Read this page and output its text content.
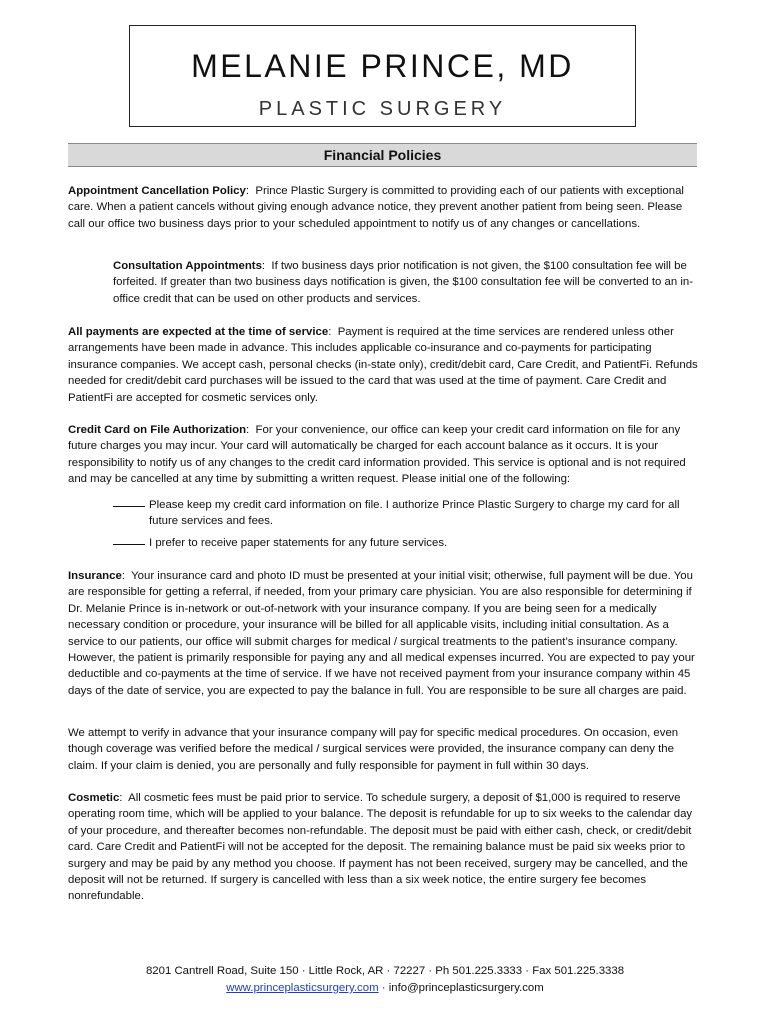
MELANIE PRINCE, MD
PLASTIC SURGERY
Financial Policies

Appointment Cancellation Policy:  Prince Plastic Surgery is committed to providing each of our patients with exceptional care. When a patient cancels without giving enough advance notice, they prevent another patient from being seen. Please call our office two business days prior to your scheduled appointment to notify us of any changes or cancellations.

Consultation Appointments:  If two business days prior notification is not given, the $100 consultation fee will be forfeited. If greater than two business days notification is given, the $100 consultation fee will be converted to an in-office credit that can be used on other products and services.

All payments are expected at the time of service:  Payment is required at the time services are rendered unless other arrangements have been made in advance. This includes applicable co-insurance and co-payments for participating insurance companies. We accept cash, personal checks (in-state only), credit/debit card, Care Credit, and PatientFi. Refunds needed for credit/debit card purchases will be issued to the card that was used at the time of payment. Care Credit and PatientFi are accepted for cosmetic services only.

Credit Card on File Authorization:  For your convenience, our office can keep your credit card information on file for any future charges you may incur. Your card will automatically be charged for each account balance as it occurs. It is your responsibility to notify us of any changes to the credit card information provided. This service is optional and is not required and may be cancelled at any time by submitting a written request. Please initial one of the following:

Please keep my credit card information on file. I authorize Prince Plastic Surgery to charge my card for all future services and fees.
I prefer to receive paper statements for any future services.

Insurance:  Your insurance card and photo ID must be presented at your initial visit; otherwise, full payment will be due. You are responsible for getting a referral, if needed, from your primary care physician. You are also responsible for determining if Dr. Melanie Prince is in-network or out-of-network with your insurance company. If you are being seen for a medically necessary condition or procedure, your insurance will be billed for all applicable visits, including initial consultation. As a service to our patients, our office will submit charges for medical / surgical treatments to the patient’s insurance company. However, the patient is primarily responsible for paying any and all medical expenses incurred. You are expected to pay your deductible and co-payments at the time of service. If we have not received payment from your insurance company within 45 days of the date of service, you are expected to pay the balance in full. You are responsible to be sure all charges are paid.

We attempt to verify in advance that your insurance company will pay for specific medical procedures. On occasion, even though coverage was verified before the medical / surgical services were provided, the insurance company can deny the claim. If your claim is denied, you are personally and fully responsible for payment in full within 30 days.

Cosmetic:  All cosmetic fees must be paid prior to service. To schedule surgery, a deposit of $1,000 is required to reserve operating room time, which will be applied to your balance. The deposit is refundable for up to six weeks to the calendar day of your procedure, and thereafter becomes non-refundable. The deposit must be paid with either cash, check, or credit/debit card. Care Credit and PatientFi will not be accepted for the deposit. The remaining balance must be paid six weeks prior to surgery and may be paid by any method you choose. If payment has not been received, surgery may be cancelled, and the deposit will not be returned. If surgery is cancelled with less than a six week notice, the entire surgery fee becomes nonrefundable.

8201 Cantrell Road, Suite 150 · Little Rock, AR · 72227 · Ph 501.225.3333 · Fax 501.225.3338
www.princeplasticsurgery.com · info@princeplasticsurgery.com
